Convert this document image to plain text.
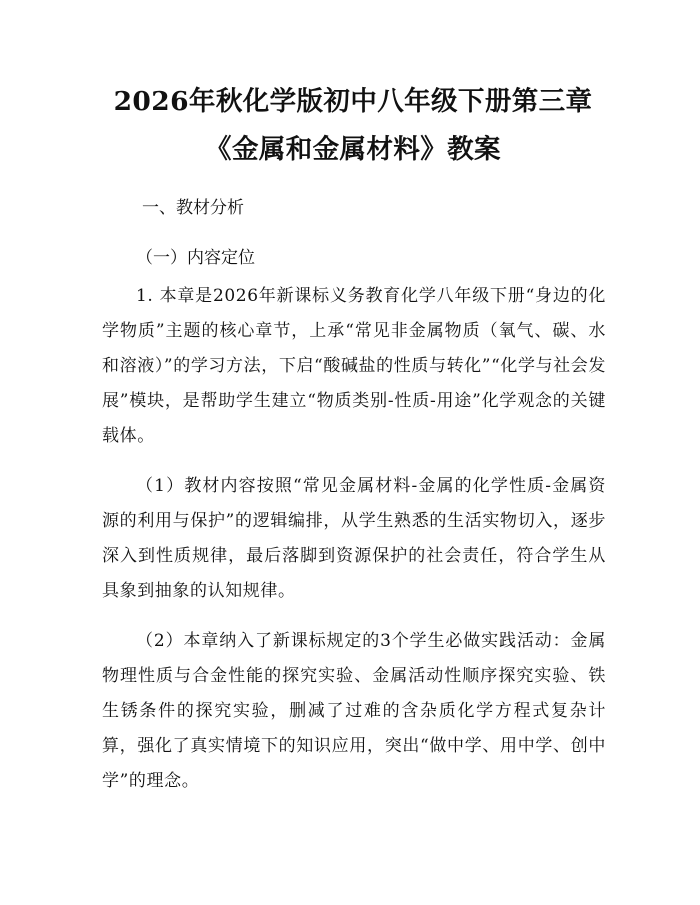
2026年秋化学版初中八年级下册第三章《金属和金属材料》教案

一、教材分析

（一）内容定位

1. 本章是2026年新课标义务教育化学八年级下册“身边的化学物质”主题的核心章节，上承“常见非金属物质（氧气、碳、水和溶液）”的学习方法，下启“酸碱盐的性质与转化”“化学与社会发展”模块，是帮助学生建立“物质类别-性质-用途”化学观念的关键载体。

（1）教材内容按照“常见金属材料-金属的化学性质-金属资源的利用与保护”的逻辑编排，从学生熟悉的生活实物切入，逐步深入到性质规律，最后落脚到资源保护的社会责任，符合学生从具象到抽象的认知规律。

（2）本章纳入了新课标规定的3个学生必做实践活动：金属物理性质与合金性能的探究实验、金属活动性顺序探究实验、铁生锈条件的探究实验，删减了过难的含杂质化学方程式复杂计算，强化了真实情境下的知识应用，突出“做中学、用中学、创中学”的理念。
